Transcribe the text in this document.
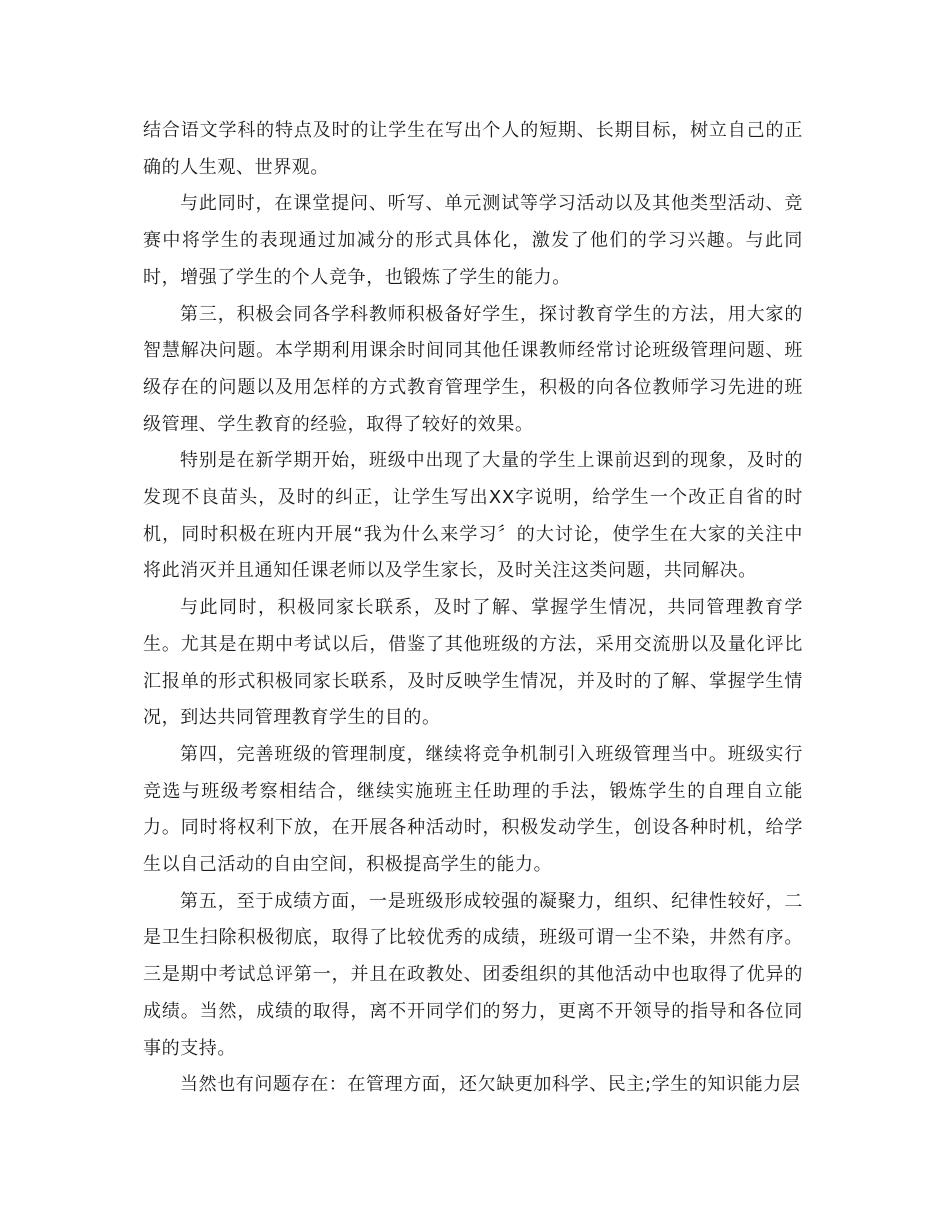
结合语文学科的特点及时的让学生在写出个人的短期、长期目标，树立自己的正确的人生观、世界观。

与此同时，在课堂提问、听写、单元测试等学习活动以及其他类型活动、竞赛中将学生的表现通过加减分的形式具体化，激发了他们的学习兴趣。与此同时，增强了学生的个人竞争，也锻炼了学生的能力。

第三，积极会同各学科教师积极备好学生，探讨教育学生的方法，用大家的智慧解决问题。本学期利用课余时间同其他任课教师经常讨论班级管理问题、班级存在的问题以及用怎样的方式教育管理学生，积极的向各位教师学习先进的班级管理、学生教育的经验，取得了较好的效果。

特别是在新学期开始，班级中出现了大量的学生上课前迟到的现象，及时的发现不良苗头，及时的纠正，让学生写出XX字说明，给学生一个改正自省的时机，同时积极在班内开展“我为什么来学习〞的大讨论，使学生在大家的关注中将此消灭并且通知任课老师以及学生家长，及时关注这类问题，共同解决。

与此同时，积极同家长联系，及时了解、掌握学生情况，共同管理教育学生。尤其是在期中考试以后，借鉴了其他班级的方法，采用交流册以及量化评比汇报单的形式积极同家长联系，及时反映学生情况，并及时的了解、掌握学生情况，到达共同管理教育学生的目的。

第四，完善班级的管理制度，继续将竞争机制引入班级管理当中。班级实行竞选与班级考察相结合，继续实施班主任助理的手法，锻炼学生的自理自立能力。同时将权利下放，在开展各种活动时，积极发动学生，创设各种时机，给学生以自己活动的自由空间，积极提高学生的能力。

第五，至于成绩方面，一是班级形成较强的凝聚力，组织、纪律性较好，二是卫生扫除积极彻底，取得了比较优秀的成绩，班级可谓一尘不染，井然有序。三是期中考试总评第一，并且在政教处、团委组织的其他活动中也取得了优异的成绩。当然，成绩的取得，离不开同学们的努力，更离不开领导的指导和各位同事的支持。

当然也有问题存在：在管理方面，还欠缺更加科学、民主;学生的知识能力层
